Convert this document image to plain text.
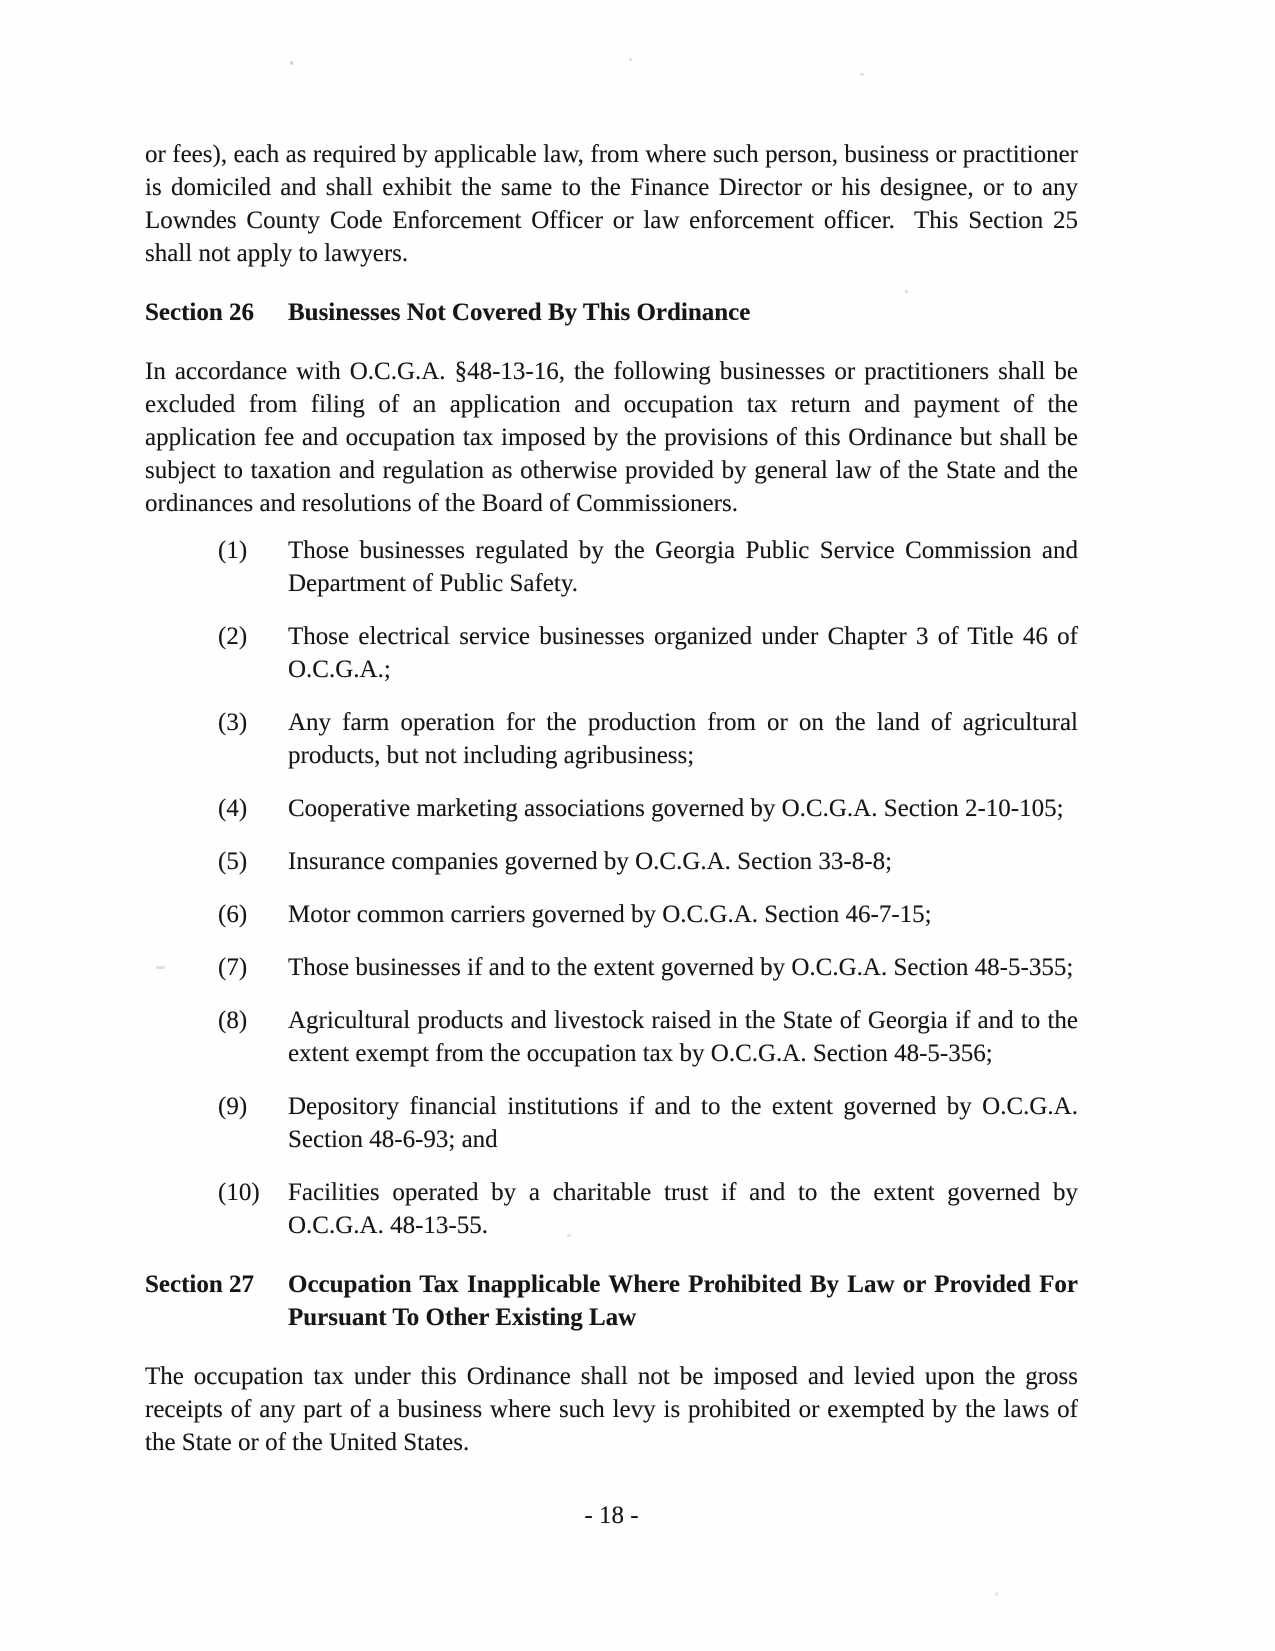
or fees), each as required by applicable law, from where such person, business or practitioner is domiciled and shall exhibit the same to the Finance Director or his designee, or to any Lowndes County Code Enforcement Officer or law enforcement officer.  This Section 25 shall not apply to lawyers.

Section 26	Businesses Not Covered By This Ordinance

In accordance with O.C.G.A. §48-13-16, the following businesses or practitioners shall be excluded from filing of an application and occupation tax return and payment of the application fee and occupation tax imposed by the provisions of this Ordinance but shall be subject to taxation and regulation as otherwise provided by general law of the State and the ordinances and resolutions of the Board of Commissioners.

(1)	Those businesses regulated by the Georgia Public Service Commission and Department of Public Safety.
(2)	Those electrical service businesses organized under Chapter 3 of Title 46 of O.C.G.A.;
(3)	Any farm operation for the production from or on the land of agricultural products, but not including agribusiness;
(4)	Cooperative marketing associations governed by O.C.G.A. Section 2-10-105;
(5)	Insurance companies governed by O.C.G.A. Section 33-8-8;
(6)	Motor common carriers governed by O.C.G.A. Section 46-7-15;
(7)	Those businesses if and to the extent governed by O.C.G.A. Section 48-5-355;
(8)	Agricultural products and livestock raised in the State of Georgia if and to the extent exempt from the occupation tax by O.C.G.A. Section 48-5-356;
(9)	Depository financial institutions if and to the extent governed by O.C.G.A. Section 48-6-93; and
(10)	Facilities operated by a charitable trust if and to the extent governed by O.C.G.A. 48-13-55.
Section 27	Occupation Tax Inapplicable Where Prohibited By Law or Provided For Pursuant To Other Existing Law

The occupation tax under this Ordinance shall not be imposed and levied upon the gross receipts of any part of a business where such levy is prohibited or exempted by the laws of the State or of the United States.

- 18 -
